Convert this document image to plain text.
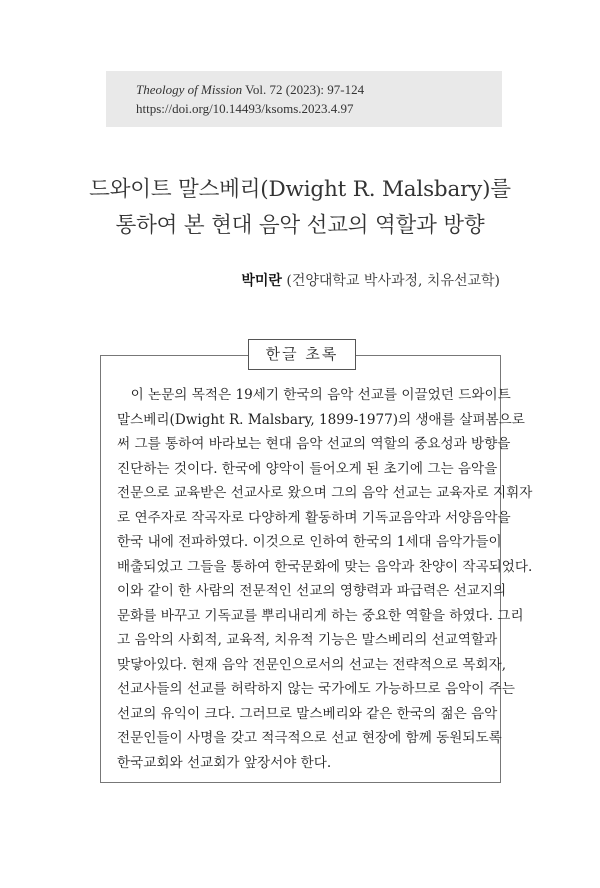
Theology of Mission Vol. 72 (2023): 97-124
https://doi.org/10.14493/ksoms.2023.4.97
드와이트 말스베리(Dwight R. Malsbary)를
통하여 본 현대 음악 선교의 역할과 방향
박미란 (건양대학교 박사과정, 치유선교학)
한글 초록
　이 논문의 목적은 19세기 한국의 음악 선교를 이끌었던 드와이트
말스베리(Dwight R. Malsbary, 1899-1977)의 생애를 살펴봄으로
써 그를 통하여 바라보는 현대 음악 선교의 역할의 중요성과 방향을
진단하는 것이다. 한국에 양악이 들어오게 된 초기에 그는 음악을
전문으로 교육받은 선교사로 왔으며 그의 음악 선교는 교육자로 지휘자
로 연주자로 작곡자로 다양하게 활동하며 기독교음악과 서양음악을
한국 내에 전파하였다. 이것으로 인하여 한국의 1세대 음악가들이
배출되었고 그들을 통하여 한국문화에 맞는 음악과 찬양이 작곡되었다.
이와 같이 한 사람의 전문적인 선교의 영향력과 파급력은 선교지의
문화를 바꾸고 기독교를 뿌리내리게 하는 중요한 역할을 하였다. 그리
고 음악의 사회적, 교육적, 치유적 기능은 말스베리의 선교역할과
맞닿아있다. 현재 음악 전문인으로서의 선교는 전략적으로 목회자,
선교사들의 선교를 허락하지 않는 국가에도 가능하므로 음악이 주는
선교의 유익이 크다. 그러므로 말스베리와 같은 한국의 젊은 음악
전문인들이 사명을 갖고 적극적으로 선교 현장에 함께 동원되도록
한국교회와 선교회가 앞장서야 한다.
